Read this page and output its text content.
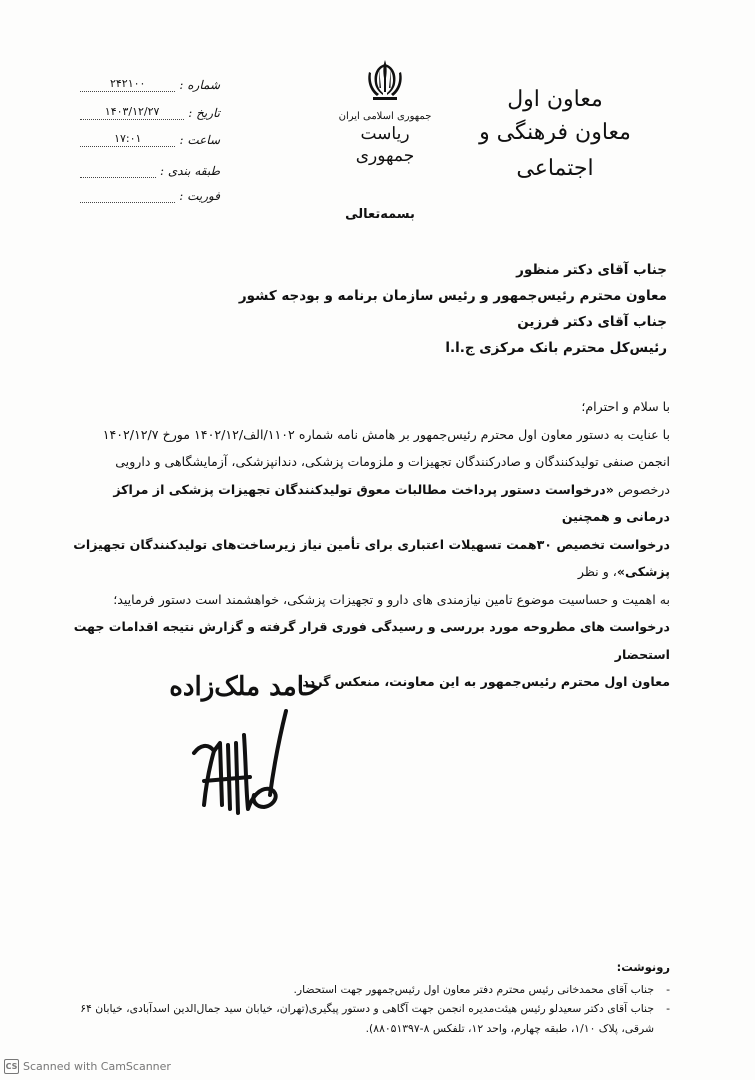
معاون اول
معاون فرهنگی و اجتماعی
جمهوری اسلامی ایران
ریاست جمهوری
شماره :
۲۴۲۱۰۰
تاریخ :
۱۴۰۳/۱۲/۲۷
ساعت :
۱۷:۰۱
طبقه بندی :
فوریت :
بسمه‌تعالی
جناب آقای دکتر منظور
معاون محترم رئیس‌جمهور و رئیس سازمان برنامه و بودجه کشور
جناب آقای دکتر فرزین
رئیس‌کل محترم بانک مرکزی ج.ا.ا

با سلام و احترام؛

با عنایت به دستور معاون اول محترم رئیس‌جمهور بر هامش نامه شماره ۱۱۰۲/الف/۱۴۰۲/۱۲ مورخ ۱۴۰۲/۱۲/۷

انجمن صنفی تولیدکنندگان و صادرکنندگان تجهیزات و ملزومات پزشکی، دندانپزشکی، آزمایشگاهی و دارویی

درخصوص «درخواست دستور پرداخت مطالبات معوق تولیدکنندگان تجهیزات پزشکی از مراکز درمانی و همچنین

درخواست تخصیص ۳۰همت تسهیلات اعتباری برای تأمین نیاز زیرساخت‌های تولیدکنندگان تجهیزات پزشکی»، و نظر

به اهمیت و حساسیت موضوع تامین نیازمندی های دارو و تجهیزات پزشکی، خواهشمند است دستور فرمایید؛

درخواست های مطروحه مورد بررسی و رسیدگی فوری قرار گرفته و گزارش نتیجه اقدامات جهت استحضار

معاون اول محترم رئیس‌جمهور به این معاونت، منعکس گردد.

حامد ملک‌زاده
رونوشت:
-
جناب آقای محمدخانی رئیس محترم دفتر معاون اول رئیس‌جمهور جهت استحضار.
-
جناب آقای دکتر سعیدلو رئیس هیئت‌مدیره انجمن جهت آگاهی و دستور پیگیری(تهران، خیابان سید جمال‌الدین اسدآبادی، خیابان ۶۴ شرقی، پلاک ۱/۱۰، طبقه چهارم، واحد ۱۲، تلفکس ۸-۸۸۰۵۱۳۹۷).
CS Scanned with CamScanner
